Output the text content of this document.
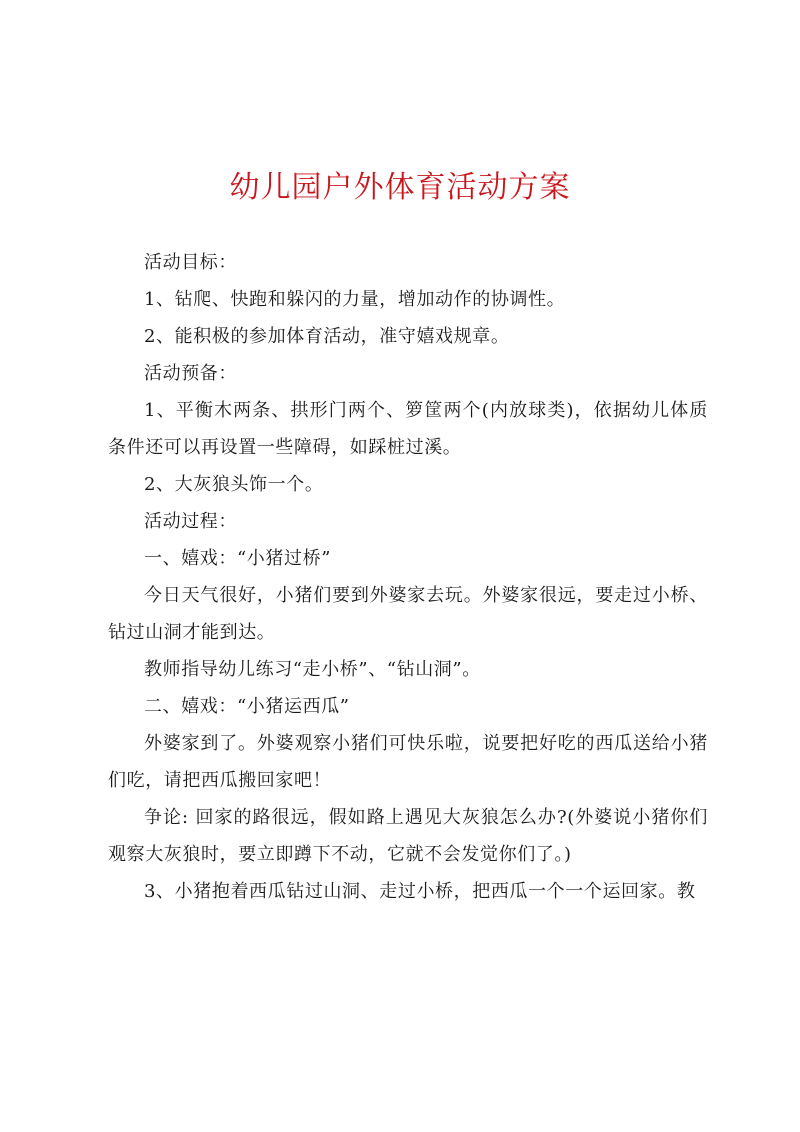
幼儿园户外体育活动方案

活动目标：

1、钻爬、快跑和躲闪的力量，增加动作的协调性。

2、能积极的参加体育活动，准守嬉戏规章。

活动预备：

1、平衡木两条、拱形门两个、箩筐两个(内放球类)，依据幼儿体质条件还可以再设置一些障碍，如踩桩过溪。

2、大灰狼头饰一个。

活动过程：

一、嬉戏：“小猪过桥”

今日天气很好，小猪们要到外婆家去玩。外婆家很远，要走过小桥、钻过山洞才能到达。

教师指导幼儿练习“走小桥”、“钻山洞”。

二、嬉戏：“小猪运西瓜”

外婆家到了。外婆观察小猪们可快乐啦，说要把好吃的西瓜送给小猪们吃，请把西瓜搬回家吧！

争论: 回家的路很远，假如路上遇见大灰狼怎么办?(外婆说小猪你们观察大灰狼时，要立即蹲下不动，它就不会发觉你们了。)

3、小猪抱着西瓜钻过山洞、走过小桥，把西瓜一个一个运回家。教
